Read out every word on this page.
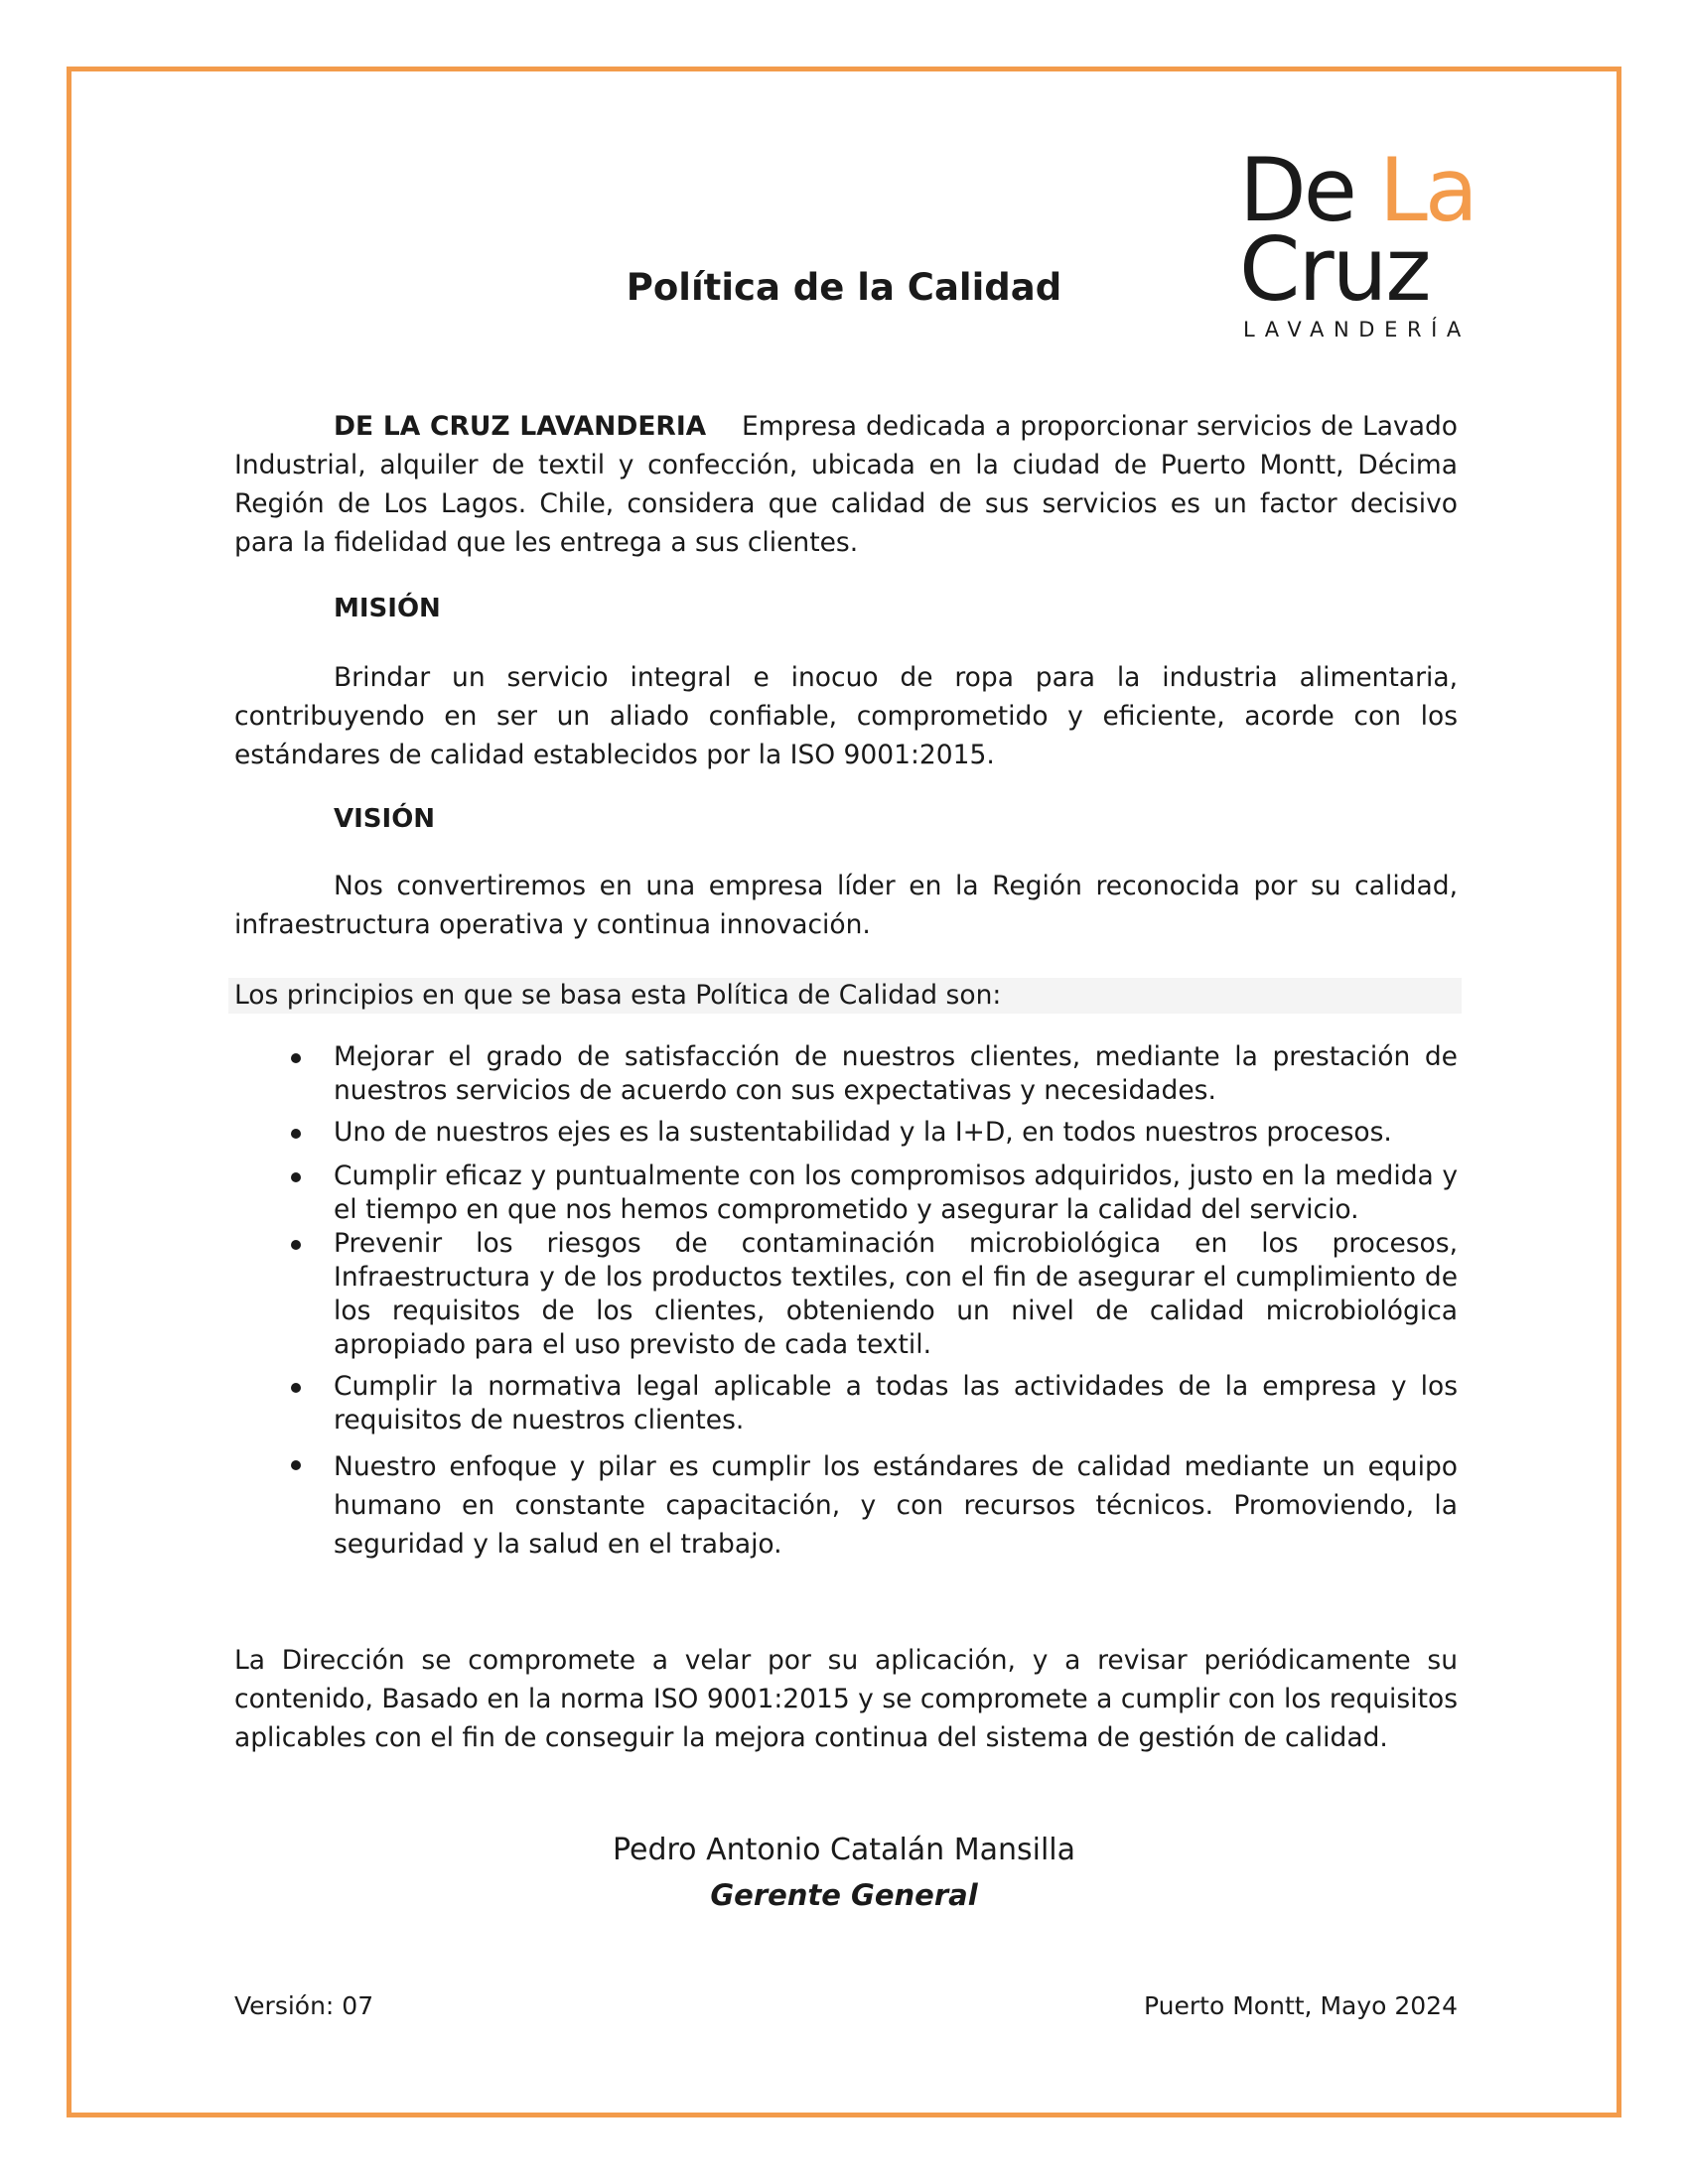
De La
Cruz
LAVANDERÍA
Política de la Calidad

DE LA CRUZ LAVANDERIA Empresa dedicada a proporcionar servicios de Lavado Industrial, alquiler de textil y confección, ubicada en la ciudad de Puerto Montt, Décima Región de Los Lagos. Chile, considera que calidad de sus servicios es un factor decisivo para la fidelidad que les entrega a sus clientes.

MISIÓN

Brindar un servicio integral e inocuo de ropa para la industria alimentaria, contribuyendo en ser un aliado confiable, comprometido y eficiente, acorde con los estándares de calidad establecidos por la ISO 9001:2015.

VISIÓN

Nos convertiremos en una empresa líder en la Región reconocida por su calidad, infraestructura operativa y continua innovación.

Los principios en que se basa esta Política de Calidad son:

Mejorar el grado de satisfacción de nuestros clientes, mediante la prestación de nuestros servicios de acuerdo con sus expectativas y necesidades.
Uno de nuestros ejes es la sustentabilidad y la I+D, en todos nuestros procesos.
Cumplir eficaz y puntualmente con los compromisos adquiridos, justo en la medida y el tiempo en que nos hemos comprometido y asegurar la calidad del servicio.
Prevenir los riesgos de contaminación microbiológica en los procesos, Infraestructura y de los productos textiles, con el fin de asegurar el cumplimiento de los requisitos de los clientes, obteniendo un nivel de calidad microbiológica apropiado para el uso previsto de cada textil.
Cumplir la normativa legal aplicable a todas las actividades de la empresa y los requisitos de nuestros clientes.
Nuestro enfoque y pilar es cumplir los estándares de calidad mediante un equipo humano en constante capacitación, y con recursos técnicos. Promoviendo, la seguridad y la salud en el trabajo.

La Dirección se compromete a velar por su aplicación, y a revisar periódicamente su contenido, Basado en la norma ISO 9001:2015 y se compromete a cumplir con los requisitos aplicables con el fin de conseguir la mejora continua del sistema de gestión de calidad.

Pedro Antonio Catalán Mansilla

Gerente General

Versión: 07	Puerto Montt, Mayo 2024
